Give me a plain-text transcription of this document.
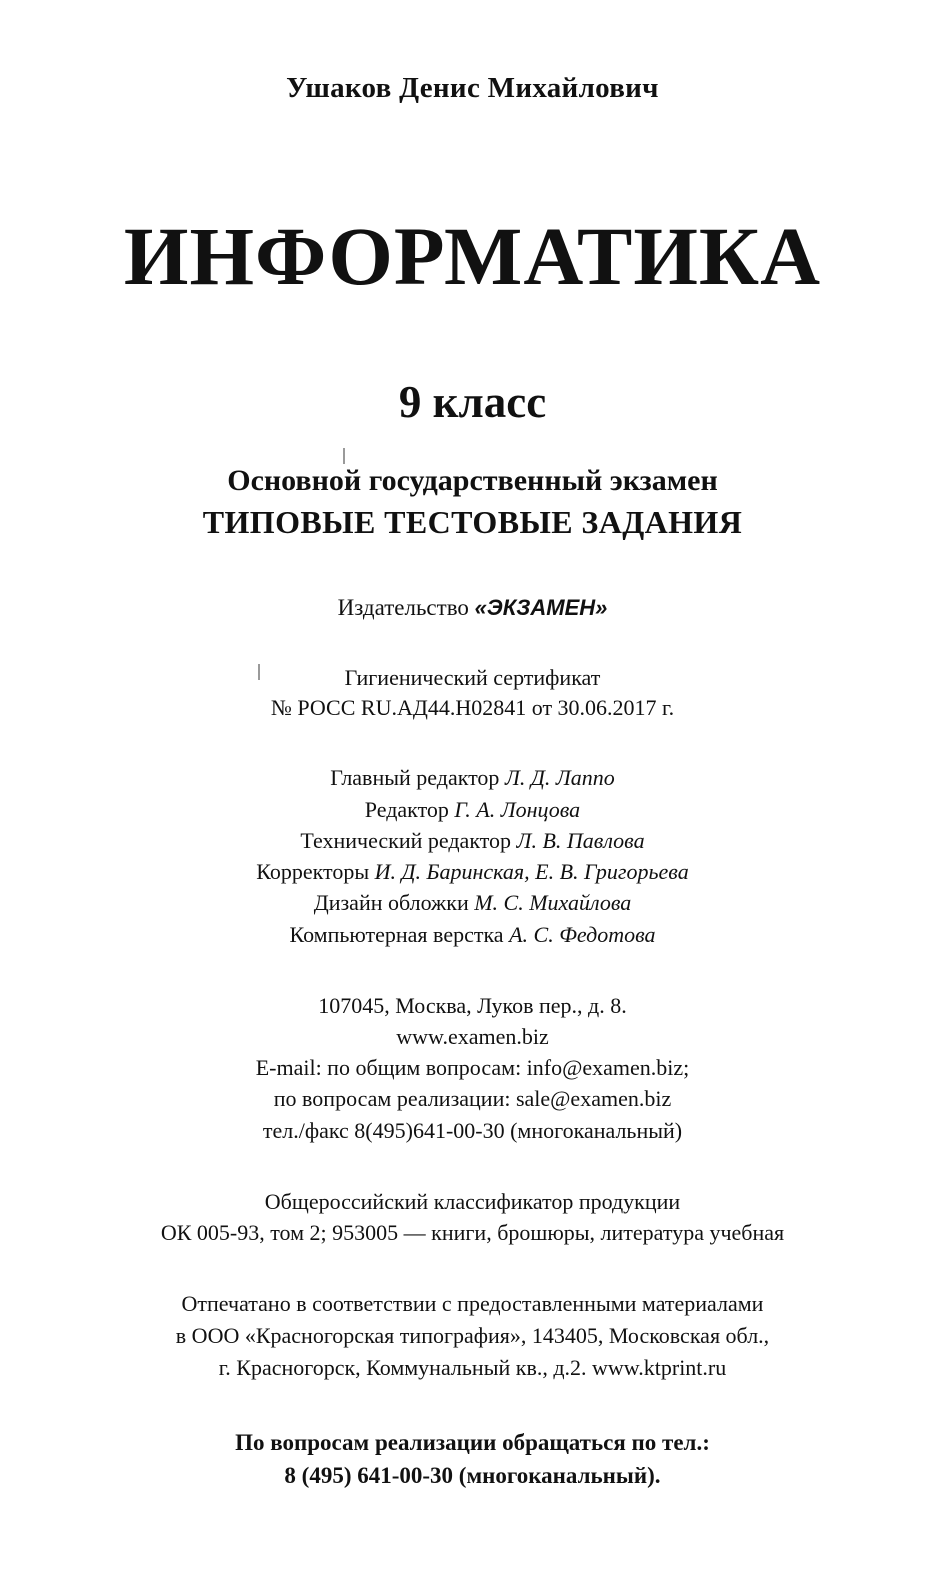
Ушаков Денис Михайлович
ИНФОРМАТИКА
9 класс
Основной государственный экзамен
ТИПОВЫЕ ТЕСТОВЫЕ ЗАДАНИЯ
Издательство «ЭКЗАМЕН»
Гигиенический сертификат
№ РОСС RU.АД44.Н02841 от 30.06.2017 г.
Главный редактор Л. Д. Лаппо
Редактор Г. А. Лонцова
Технический редактор Л. В. Павлова
Корректоры И. Д. Баринская, Е. В. Григорьева
Дизайн обложки М. С. Михайлова
Компьютерная верстка А. С. Федотова
107045, Москва, Луков пер., д. 8.
www.examen.biz
E-mail: по общим вопросам: info@examen.biz;
по вопросам реализации: sale@examen.biz
тел./факс 8(495)641-00-30 (многоканальный)
Общероссийский классификатор продукции
ОК 005-93, том 2; 953005 — книги, брошюры, литература учебная
Отпечатано в соответствии с предоставленными материалами
в ООО «Красногорская типография», 143405, Московская обл.,
г. Красногорск, Коммунальный кв., д.2. www.ktprint.ru
По вопросам реализации обращаться по тел.:
8 (495) 641-00-30 (многоканальный).
